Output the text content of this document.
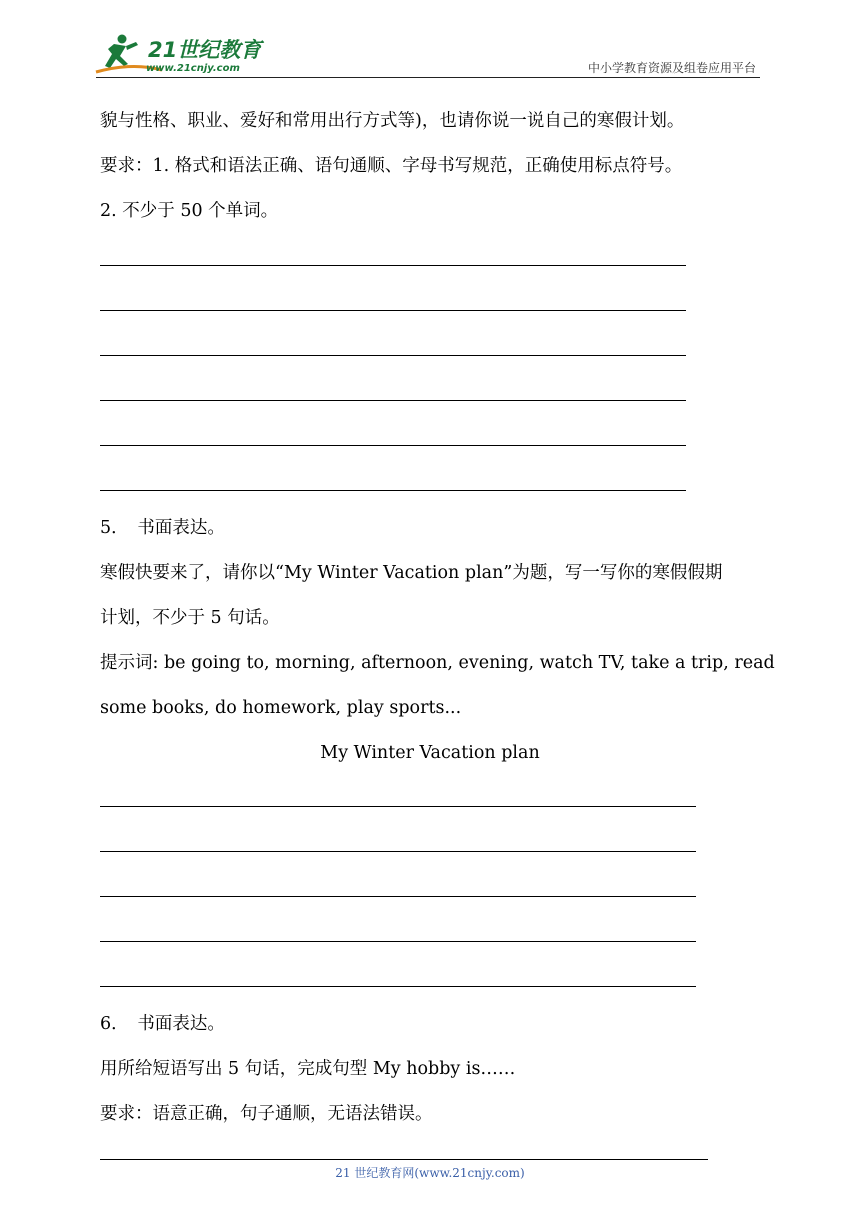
21世纪教育
www.21cnjy.com	中小学教育资源及组卷应用平台
貌与性格、职业、爱好和常用出行方式等)，也请你说一说自己的寒假计划。
要求：1. 格式和语法正确、语句通顺、字母书写规范，正确使用标点符号。
2. 不少于 50 个单词。
5．　书面表达。
寒假快要来了，请你以“My Winter Vacation plan”为题，写一写你的寒假假期
计划，不少于 5 句话。
提示词: be going to, morning, afternoon, evening, watch TV, take a trip, read
some books, do homework, play sports...
My Winter Vacation plan
6．　书面表达。
用所给短语写出 5 句话，完成句型 My hobby is……
要求：语意正确，句子通顺，无语法错误。
21 世纪教育网(www.21cnjy.com)
